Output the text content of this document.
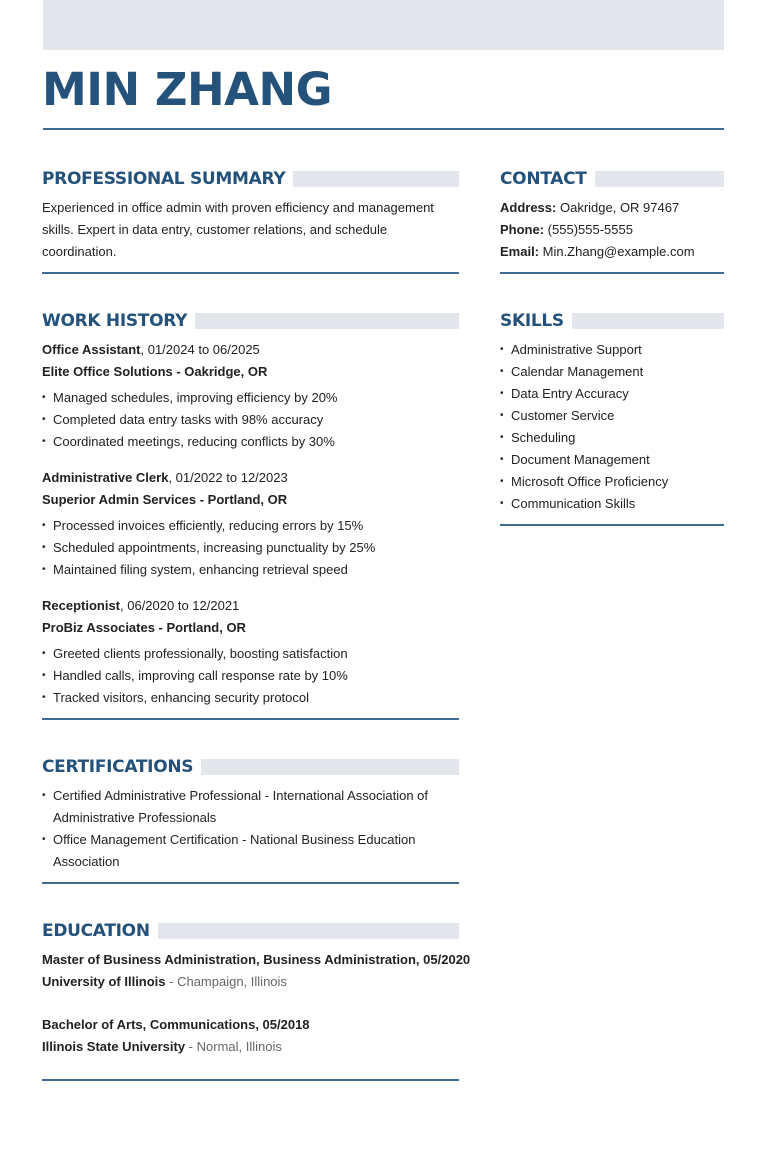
MIN ZHANG
PROFESSIONAL SUMMARY

Experienced in office admin with proven efficiency and management skills. Expert in data entry, customer relations, and schedule coordination.

WORK HISTORY
Office Assistant, 01/2024 to 06/2025
Elite Office Solutions - Oakridge, OR
• Managed schedules, improving efficiency by 20%
• Completed data entry tasks with 98% accuracy
• Coordinated meetings, reducing conflicts by 30%
Administrative Clerk, 01/2022 to 12/2023
Superior Admin Services - Portland, OR
• Processed invoices efficiently, reducing errors by 15%
• Scheduled appointments, increasing punctuality by 25%
• Maintained filing system, enhancing retrieval speed
Receptionist, 06/2020 to 12/2021
ProBiz Associates - Portland, OR
• Greeted clients professionally, boosting satisfaction
• Handled calls, improving call response rate by 10%
• Tracked visitors, enhancing security protocol
CERTIFICATIONS
• Certified Administrative Professional - International Association of Administrative Professionals
• Office Management Certification - National Business Education Association
EDUCATION
Master of Business Administration, Business Administration, 05/2020
University of Illinois - Champaign, Illinois
Bachelor of Arts, Communications, 05/2018
Illinois State University - Normal, Illinois
CONTACT
Address: Oakridge, OR 97467
Phone: (555)555-5555
Email: Min.Zhang@example.com
SKILLS
• Administrative Support
• Calendar Management
• Data Entry Accuracy
• Customer Service
• Scheduling
• Document Management
• Microsoft Office Proficiency
• Communication Skills
